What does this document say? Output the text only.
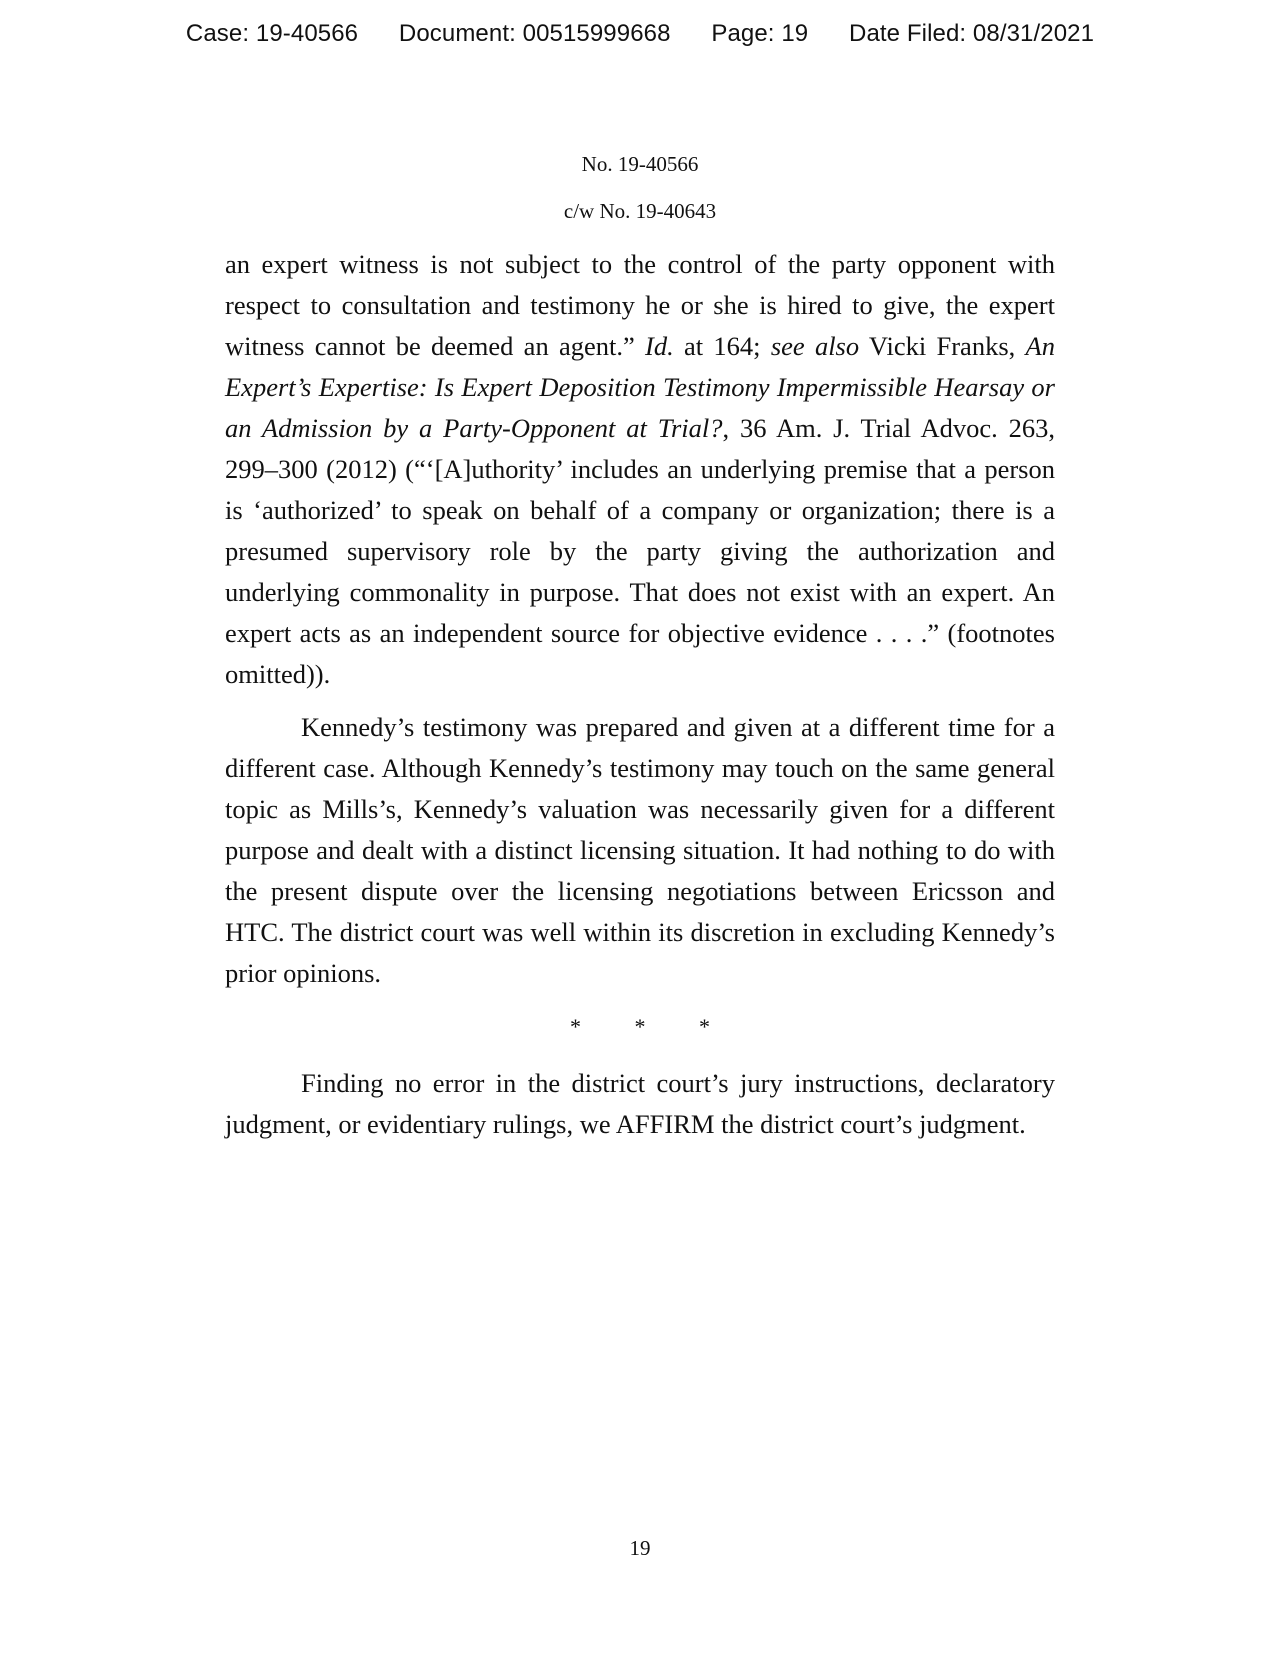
Case: 19-40566 Document: 00515999668 Page: 19 Date Filed: 08/31/2021
No. 19-40566
c/w No. 19-40643

an expert witness is not subject to the control of the party opponent with respect to consultation and testimony he or she is hired to give, the expert witness cannot be deemed an agent.” Id. at 164; see also Vicki Franks, An Expert’s Expertise: Is Expert Deposition Testimony Impermissible Hearsay or an Admission by a Party-Opponent at Trial?, 36 Am. J. Trial Advoc. 263, 299–300 (2012) (“‘[A]uthority’ includes an underlying premise that a person is ‘authorized’ to speak on behalf of a company or organization; there is a presumed supervisory role by the party giving the authorization and underlying commonality in purpose. That does not exist with an expert. An expert acts as an independent source for objective evidence . . . .” (footnotes omitted)).

Kennedy’s testimony was prepared and given at a different time for a different case. Although Kennedy’s testimony may touch on the same general topic as Mills’s, Kennedy’s valuation was necessarily given for a different purpose and dealt with a distinct licensing situation. It had nothing to do with the present dispute over the licensing negotiations between Ericsson and HTC. The district court was well within its discretion in excluding Kennedy’s prior opinions.

* * *

Finding no error in the district court’s jury instructions, declaratory judgment, or evidentiary rulings, we AFFIRM the district court’s judgment.

19
